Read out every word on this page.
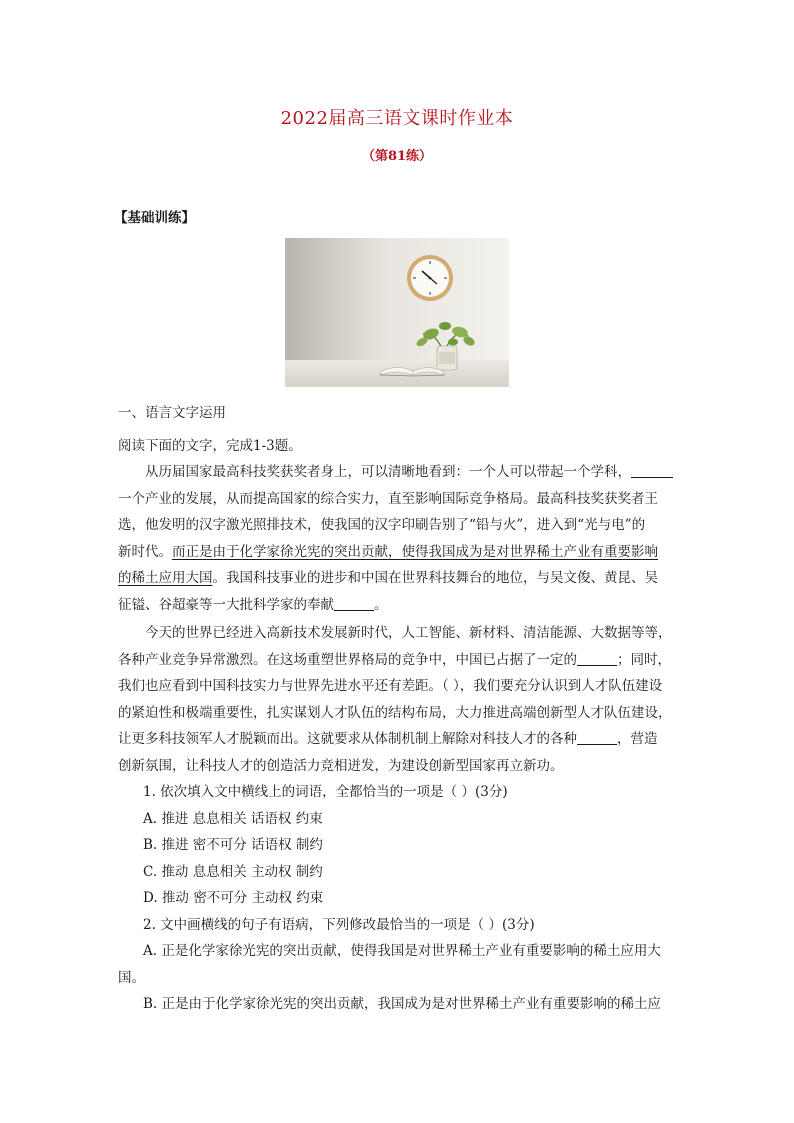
2022届高三语文课时作业本
（第81练）
【基础训练】
一、语言文字运用
阅读下面的文字，完成1-3题。
从历届国家最高科技奖获奖者身上，可以清晰地看到：一个人可以带起一个学科，
一个产业的发展，从而提高国家的综合实力，直至影响国际竞争格局。最高科技奖获奖者王
选，他发明的汉字激光照排技术，使我国的汉字印刷告别了“铅与火”，进入到“光与电”的
新时代。而正是由于化学家徐光宪的突出贡献，使得我国成为是对世界稀土产业有重要影响
的稀土应用大国。我国科技事业的进步和中国在世界科技舞台的地位，与吴文俊、黄昆、吴
征镒、谷超豪等一大批科学家的奉献	。
今天的世界已经进入高新技术发展新时代，人工智能、新材料、清洁能源、大数据等等，
各种产业竞争异常激烈。在这场重塑世界格局的竞争中，中国已占据了一定的	；同时，
我们也应看到中国科技实力与世界先进水平还有差距。（ ），我们要充分认识到人才队伍建设
的紧迫性和极端重要性，扎实谋划人才队伍的结构布局，大力推进高端创新型人才队伍建设，
让更多科技领军人才脱颖而出。这就要求从体制机制上解除对科技人才的各种	，营造
创新氛围，让科技人才的创造活力竞相迸发，为建设创新型国家再立新功。
1. 依次填入文中横线上的词语，全都恰当的一项是（ ）(3分)
A. 推进 息息相关 话语权 约束
B. 推进 密不可分 话语权 制约
C. 推动 息息相关 主动权 制约
D. 推动 密不可分 主动权 约束
2. 文中画横线的句子有语病，下列修改最恰当的一项是（ ）(3分)
A. 正是化学家徐光宪的突出贡献，使得我国是对世界稀土产业有重要影响的稀土应用大
国。
B. 正是由于化学家徐光宪的突出贡献，我国成为是对世界稀土产业有重要影响的稀土应
